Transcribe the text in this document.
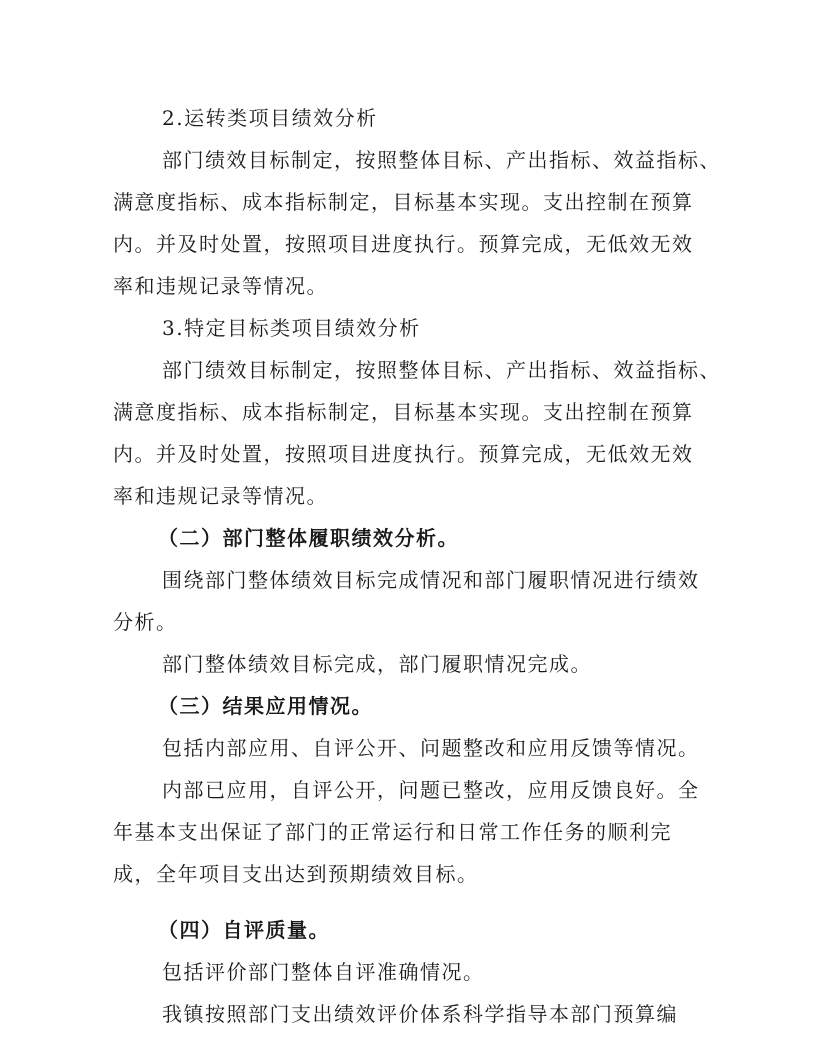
2.运转类项目绩效分析
部门绩效目标制定，按照整体目标、产出指标、效益指标、
满意度指标、成本指标制定，目标基本实现。支出控制在预算
内。并及时处置，按照项目进度执行。预算完成，无低效无效
率和违规记录等情况。
3.特定目标类项目绩效分析
部门绩效目标制定，按照整体目标、产出指标、效益指标、
满意度指标、成本指标制定，目标基本实现。支出控制在预算
内。并及时处置，按照项目进度执行。预算完成，无低效无效
率和违规记录等情况。
（二）部门整体履职绩效分析。
围绕部门整体绩效目标完成情况和部门履职情况进行绩效
分析。
部门整体绩效目标完成，部门履职情况完成。
（三）结果应用情况。
包括内部应用、自评公开、问题整改和应用反馈等情况。
内部已应用，自评公开，问题已整改，应用反馈良好。全
年基本支出保证了部门的正常运行和日常工作任务的顺利完
成，全年项目支出达到预期绩效目标。
（四）自评质量。
包括评价部门整体自评准确情况。
我镇按照部门支出绩效评价体系科学指导本部门预算编
